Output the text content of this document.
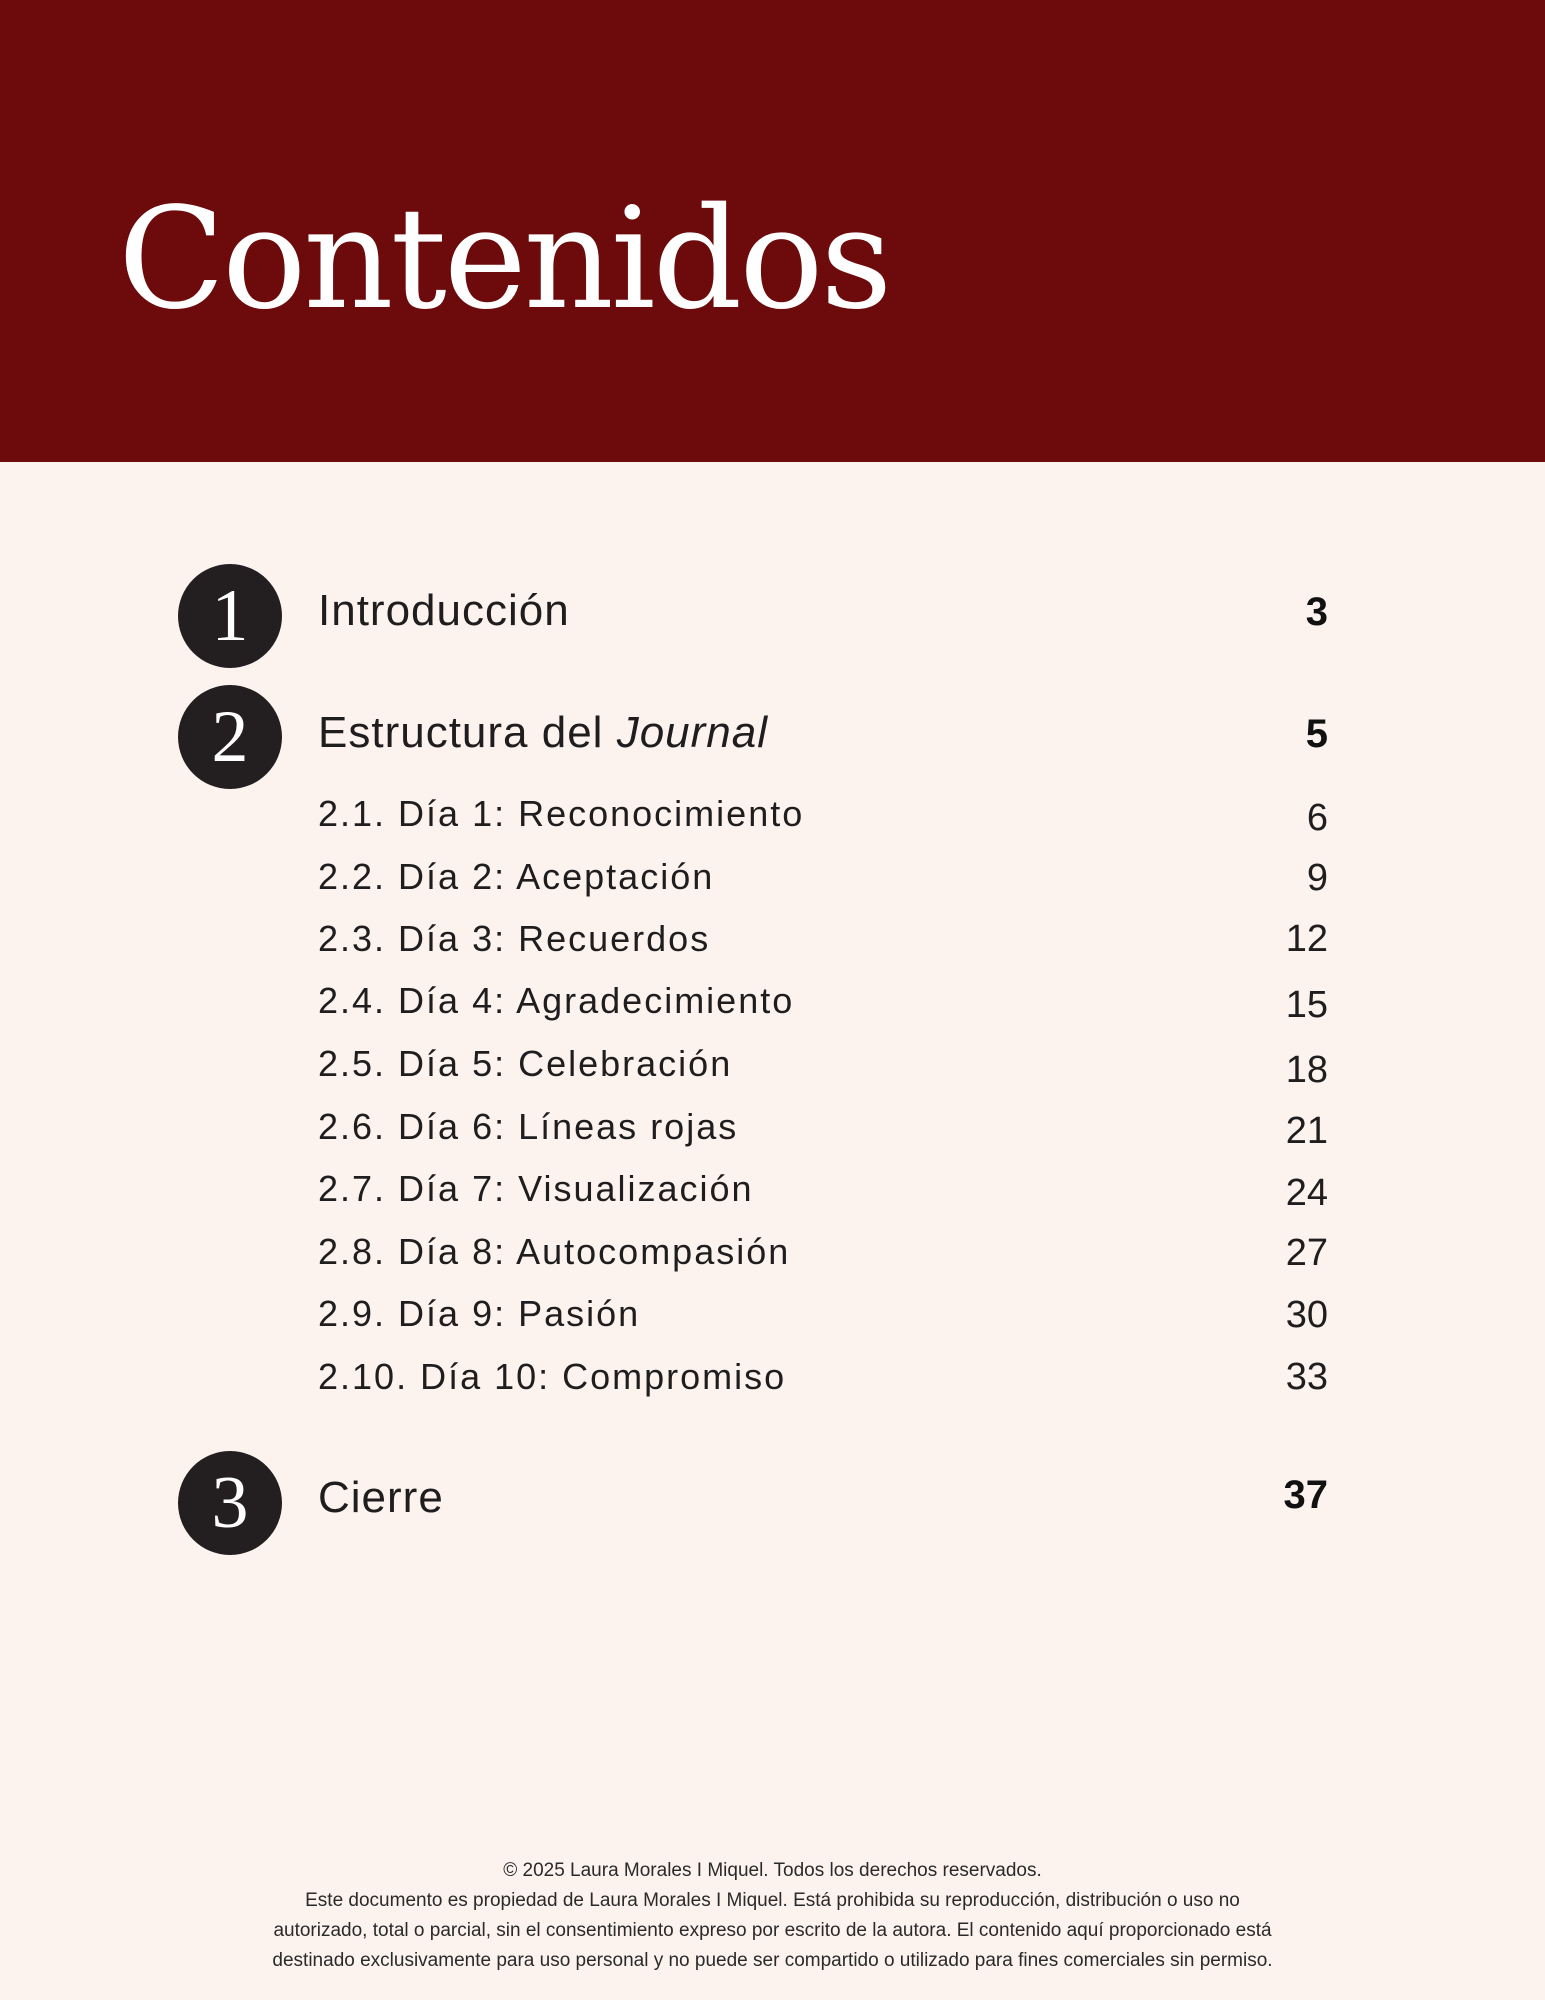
Contenidos
1	Introducción	3
2	Estructura del Journal	5
2.1. Día 1: Reconocimiento	6
2.2. Día 2: Aceptación	9
2.3. Día 3: Recuerdos	12
2.4. Día 4: Agradecimiento	15
2.5. Día 5: Celebración	18
2.6. Día 6: Líneas rojas	21
2.7. Día 7: Visualización	24
2.8. Día 8: Autocompasión	27
2.9. Día 9: Pasión	30
2.10. Día 10: Compromiso	33
3	Cierre	37
© 2025 Laura Morales I Miquel. Todos los derechos reservados.
Este documento es propiedad de Laura Morales I Miquel. Está prohibida su reproducción, distribución o uso no
autorizado, total o parcial, sin el consentimiento expreso por escrito de la autora. El contenido aquí proporcionado está
destinado exclusivamente para uso personal y no puede ser compartido o utilizado para fines comerciales sin permiso.
